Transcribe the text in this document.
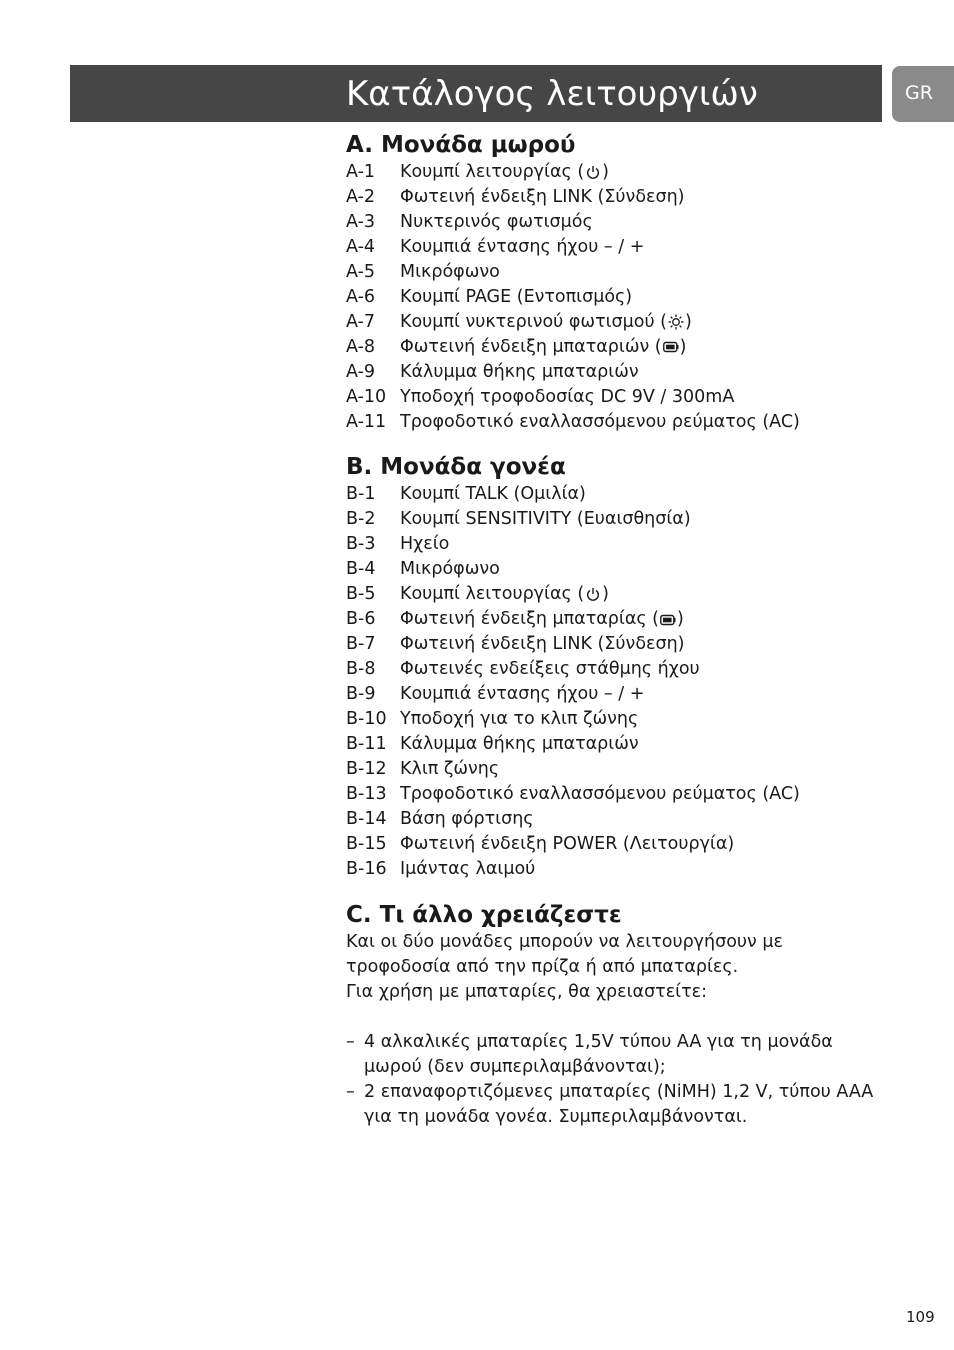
Κατάλογος λειτουργιών	GR
A. Μονάδα μωρού
A-1	Κουμπί λειτουργίας ( )
A-2	Φωτεινή ένδειξη LINK (Σύνδεση)
A-3	Νυκτερινός φωτισμός
A-4	Κουμπιά έντασης ήχου – / +
A-5	Μικρόφωνο
A-6	Κουμπί PAGE (Εντοπισμός)
A-7	Κουμπί νυκτερινού φωτισμού ( )
A-8	Φωτεινή ένδειξη μπαταριών ( )
A-9	Κάλυμμα θήκης μπαταριών
A-10 Υποδοχή τροφοδοσίας DC 9V / 300mA
A-11 Τροφοδοτικό εναλλασσόμενου ρεύματος (AC)
B. Μονάδα γονέα
B-1	Κουμπί TALK (Ομιλία)
B-2	Κουμπί SENSITIVITY (Ευαισθησία)
B-3	Ηχείο
B-4	Μικρόφωνο
B-5	Κουμπί λειτουργίας ( )
B-6	Φωτεινή ένδειξη μπαταρίας ( )
B-7	Φωτεινή ένδειξη LINK (Σύνδεση)
B-8	Φωτεινές ενδείξεις στάθμης ήχου
B-9	Κουμπιά έντασης ήχου – / +
B-10 Υποδοχή για το κλιπ ζώνης
B-11 Κάλυμμα θήκης μπαταριών
B-12 Κλιπ ζώνης
B-13 Τροφοδοτικό εναλλασσόμενου ρεύματος (AC)
B-14 Βάση φόρτισης
B-15 Φωτεινή ένδειξη POWER (Λειτουργία)
B-16 Ιμάντας λαιμού
C. Τι άλλο χρειάζεστε

Και οι δύο μονάδες μπορούν να λειτουργήσουν με
τροφοδοσία από την πρίζα ή από μπαταρίες.
Για χρήση με μπαταρίες, θα χρειαστείτε:

– 4 αλκαλικές μπαταρίες 1,5V τύπου AA για τη μονάδα
μωρού (δεν συμπεριλαμβάνονται);
– 2 επαναφορτιζόμενες μπαταρίες (NiMH) 1,2 V, τύπου AAA
για τη μονάδα γονέα. Συμπεριλαμβάνονται.
109
